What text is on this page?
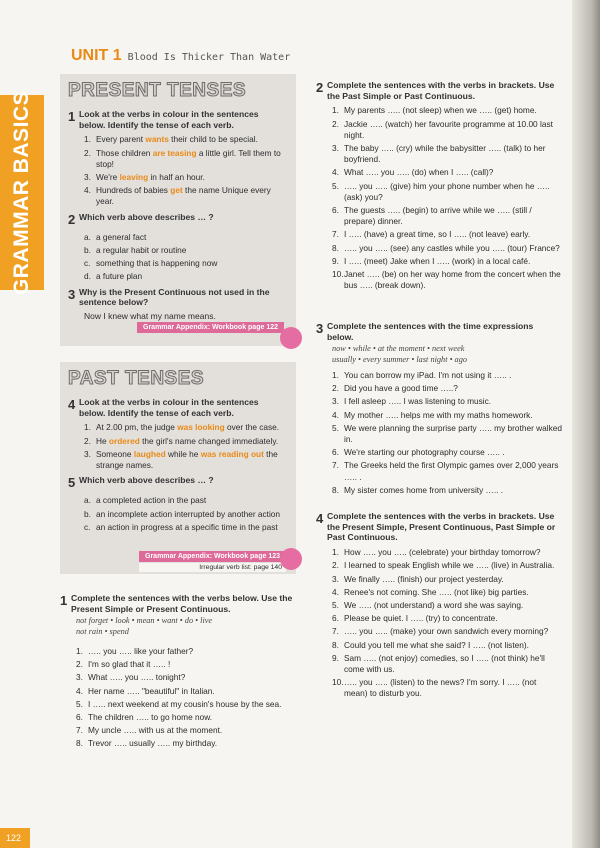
GRAMMAR BASICS
122
UNIT 1 Blood Is Thicker Than Water
PRESENT TENSES
1 Look at the verbs in colour in the sentences below. Identify the tense of each verb.
1. Every parent wants their child to be special.
2. Those children are teasing a little girl. Tell them to stop!
3. We're leaving in half an hour.
4. Hundreds of babies get the name Unique every year.
2 Which verb above describes … ?
a. a general fact
b. a regular habit or routine
c. something that is happening now
d. a future plan
3 Why is the Present Continuous not used in the sentence below?
Now I knew what my name means.
Grammar Appendix: Workbook page 122
PAST TENSES
4 Look at the verbs in colour in the sentences below. Identify the tense of each verb.
1. At 2.00 pm, the judge was looking over the case.
2. He ordered the girl's name changed immediately.
3. Someone laughed while he was reading out the strange names.
5 Which verb above describes … ?
a. a completed action in the past
b. an incomplete action interrupted by another action
c. an action in progress at a specific time in the past
Grammar Appendix: Workbook page 123
Irregular verb list: page 140
1 Complete the sentences with the verbs below. Use the Present Simple or Present Continuous.
not forget • look • mean • want • do • live
not rain • spend
1. ….. you ….. like your father?
2. I'm so glad that it ….. !
3. What ….. you ….. tonight?
4. Her name ….. "beautiful" in Italian.
5. I ….. next weekend at my cousin's house by the sea.
6. The children ….. to go home now.
7. My uncle ….. with us at the moment.
8. Trevor ….. usually ….. my birthday.
2 Complete the sentences with the verbs in brackets. Use the Past Simple or Past Continuous.
1. My parents ….. (not sleep) when we ….. (get) home.
2. Jackie ….. (watch) her favourite programme at 10.00 last night.
3. The baby ….. (cry) while the babysitter ….. (talk) to her boyfriend.
4. What ….. you ….. (do) when I ….. (call)?
5. ….. you ….. (give) him your phone number when he ….. (ask) you?
6. The guests ….. (begin) to arrive while we ….. (still / prepare) dinner.
7. I ….. (have) a great time, so I ….. (not leave) early.
8. ….. you ….. (see) any castles while you ….. (tour) France?
9. I ….. (meet) Jake when I ….. (work) in a local café.
10. Janet ….. (be) on her way home from the concert when the bus ….. (break down).
3 Complete the sentences with the time expressions below.
now • while • at the moment • next week
usually • every summer • last night • ago
1. You can borrow my iPad. I'm not using it ….. .
2. Did you have a good time …..?
3. I fell asleep ….. I was listening to music.
4. My mother ….. helps me with my maths homework.
5. We were planning the surprise party ….. my brother walked in.
6. We're starting our photography course ….. .
7. The Greeks held the first Olympic games over 2,000 years ….. .
8. My sister comes home from university ….. .
4 Complete the sentences with the verbs in brackets. Use the Present Simple, Present Continuous, Past Simple or Past Continuous.
1. How ….. you ….. (celebrate) your birthday tomorrow?
2. I learned to speak English while we ….. (live) in Australia.
3. We finally ….. (finish) our project yesterday.
4. Renee's not coming. She ….. (not like) big parties.
5. We ….. (not understand) a word she was saying.
6. Please be quiet. I ….. (try) to concentrate.
7. ….. you ….. (make) your own sandwich every morning?
8. Could you tell me what she said? I ….. (not listen).
9. Sam ….. (not enjoy) comedies, so I ….. (not think) he'll come with us.
10. ….. you ….. (listen) to the news? I'm sorry. I ….. (not mean) to disturb you.
